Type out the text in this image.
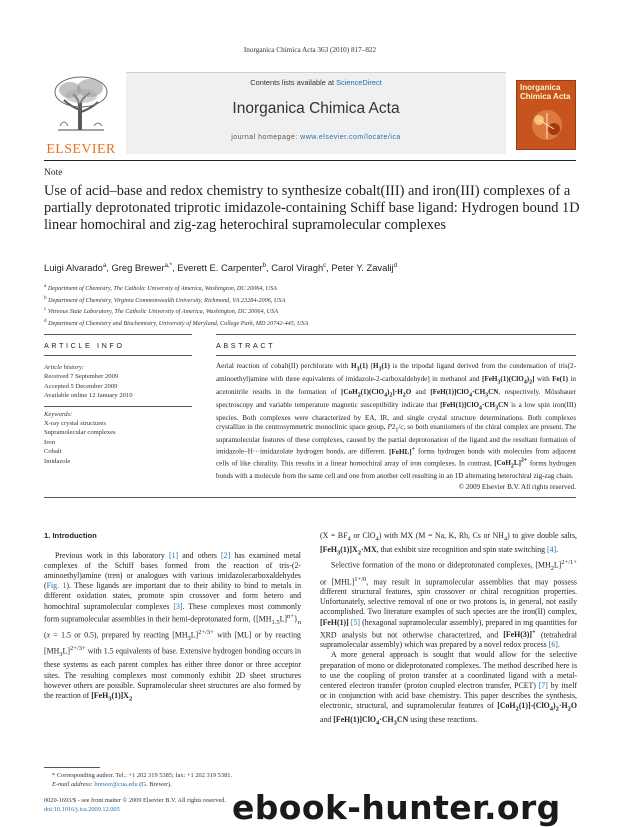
Inorganica Chimica Acta 363 (2010) 817–822
ELSEVIER
Contents lists available at ScienceDirect
Inorganica Chimica Acta
journal homepage: www.elsevier.com/locate/ica
Inorganica
Chimica Acta
Note
Use of acid–base and redox chemistry to synthesize cobalt(III) and iron(III) complexes of a partially deprotonated triprotic imidazole-containing Schiff base ligand: Hydrogen bound 1D linear homochiral and zig-zag heterochiral supramolecular complexes
Luigi Alvarado$^a$, Greg Brewer$^{a,*}$, Everett E. Carpenter$^b$, Carol Viragh$^c$, Peter Y. Zavalij$^d$
$^a$ Department of Chemistry, The Catholic University of America, Washington, DC 20064, USA
$^b$ Department of Chemistry, Virginia Commonwealth University, Richmond, VA 23284-2006, USA
$^c$ Vitreous State Laboratory, The Catholic University of America, Washington, DC 20064, USA
$^d$ Department of Chemistry and Biochemistry, University of Maryland, College Park, MD 20742-445, USA
ARTICLE INFO	ABSTRACT
Article history:
Received 7 September 2009
Accepted 5 December 2009
Available online 12 January 2010
Keywords:
X-ray crystal structures
Supramolecular complexes
Iron
Cobalt
Imidazole
Aerial reaction of cobalt(II) perchlorate with $H_3(1)$ [$H_3(1)$ is the tripodal ligand derived from the condensation of tris(2-aminoethyl)amine with three equivalents of imidazole-2-carboxaldehyde] in methanol and $[FeH_3(1)(ClO_4)_2]$ with Fe(1) in acetonitrile results in the formation of $[CoH_2(1)(ClO_4)_2]\cdot H_2O$ and $[FeH(1)]ClO_4\cdot CH_3CN$, respectively. Mössbauer spectroscopy and variable temperature magnetic susceptibility indicate that $[FeH(1)]ClO_4\cdot CH_3CN$ is a low spin iron(III) species. Both complexes were characterized by EA, IR, and single crystal structure determinations. Both complexes crystallize in the centrosymmetric monoclinic space group, $P2_1/c$, so both enantiomers of the chiral complex are present. The supramolecular features of these complexes, caused by the partial deprotonation of the ligand and the resultant formation of imidazole–H···imidazolate hydrogen bonds, are different. [FeHL]+ forms hydrogen bonds with molecules from adjacent cells of like chirality. This results in a linear homochiral array of iron complexes. In contrast, $[CoH_2L]^{2+}$ forms hydrogen bonds with a molecule from the same cell and one from another cell resulting in an 1D alternating heterochiral zig-zag chain.
© 2009 Elsevier B.V. All rights reserved.
1. Introduction

Previous work in this laboratory [1] and others [2] has examined metal complexes of the Schiff bases formed from the reaction of tris-(2-aminoethyl)amine (tren) or analogues with various imidazolecarboxaldehydes (Fig. 1). These ligands are important due to their ability to bind to metals in different oxidation states, promote spin crossover and form hetero and homochiral supramolecular complexes [3]. These complexes most commonly form supramolecular assemblies in their hemi-deprotonated form, $\{[MH_{1.5}L]^{n+}\}_n$ (x = 1.5 or 0.5), prepared by reacting $[MH_3L]^{2+/3+}$ with [ML] or by reacting $[MH_3L]^{2+/3+}$ with 1.5 equivalents of base. Extensive hydrogen bonding occurs in these systems as each parent complex has either three donor or three acceptor sites. The resulting complexes most commonly exhibit 2D sheet structures however others are possible. Supramolecular sheet structures are also formed by the reaction of $[FeH_3(1)]X_2$

($X = BF_4$ or ClO$_4$) with MX (M = Na, K, Rb, Cs or $NH_4$) to give double salts, $[FeH_3(1)]X_2\cdot MX$, that exhibit size recognition and spin state switching [4].

Selective formation of the mono or dideprotonated complexes, $[MH_2L]^{2+/1+}$ or [MHL]$^{1+/0}$, may result in supramolecular assemblies that may possess different structural features, spin crossover or chiral recognition properties. Unfortunately, selective removal of one or two protons is, in general, not easily accomplished. Two literature examples of such species are the iron(II) complex, [FeH(1)] [5] (hexagonal supramolecular assembly), prepared in mg quantities for XRD analysis but not otherwise characterized, and [FeH(3)]+ (tetrahedral supramolecular assembly) which was prepared by a novel redox process [6].

A more general approach is sought that would allow for the selective preparation of mono or dideprotonated complexes. The method described here is to use the coupling of proton transfer at a coordinated ligand with a metal-centered electron transfer (proton coupled electron transfer, PCET) [7] by itself or in conjunction with acid base chemistry. This paper describes the synthesis, electronic, structural, and supramolecular features of $[CoH_2(1)]-(ClO_4)_2\cdot H_2O$ and $[FeH(1)]ClO_4\cdot CH_3CN$ using these reactions.

* Corresponding author. Tel.: +1 202 319 5385; fax: +1 202 319 5381.
E-mail address: brewer@cua.edu (G. Brewer).
0020-1693/$ - see front matter © 2009 Elsevier B.V. All rights reserved.
doi:10.1016/j.ica.2009.12.005	ebook-hunter.org
